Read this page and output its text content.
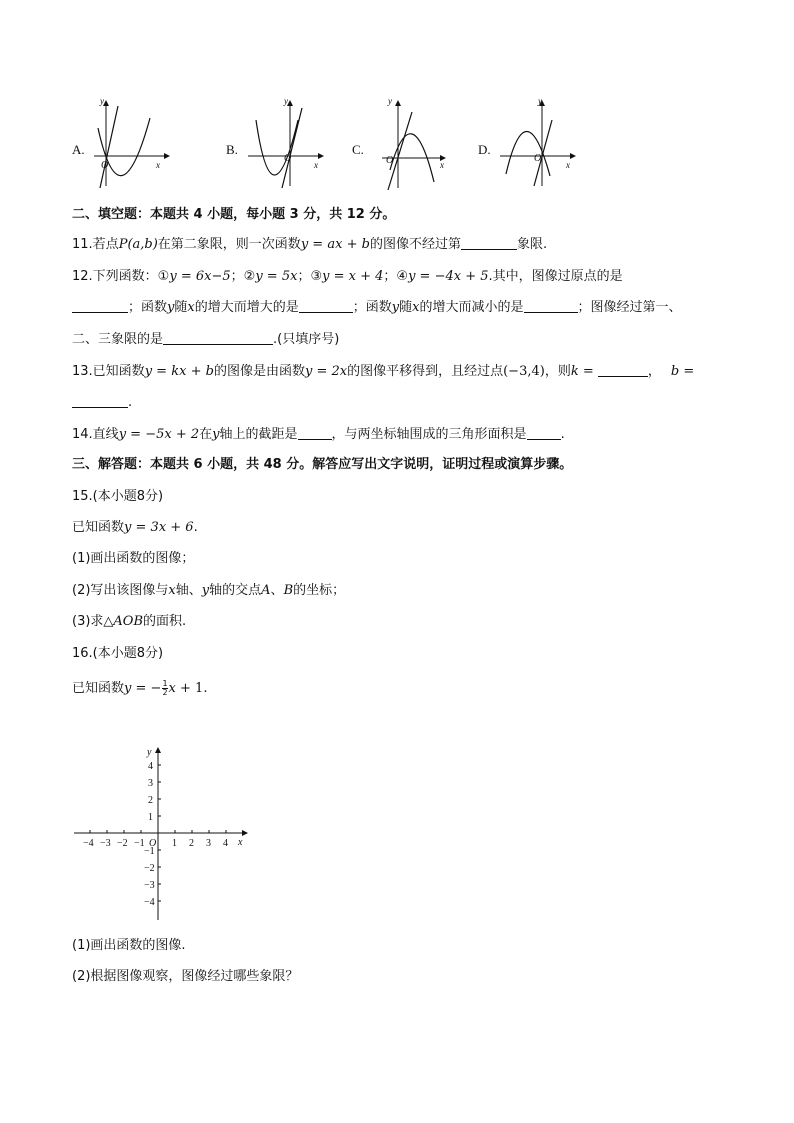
A.
x
y
O
B.
x
y
O
C.
x
y
O
D.
x
y
O
二、填空题：本题共 4 小题，每小题 3 分，共 12 分。
11.若点P(a,b)在第二象限，则一次函数y = ax + b的图像不经过第	象限.
12.下列函数：①y = 6x−5；②y = 5x；③y = x + 4；④y = −4x + 5.其中，图像过原点的是
；函数y随x的增大而增大的是	；函数y随x的增大而减小的是	；图像经过第一、
二、三象限的是	.(只填序号)
13.已知函数y = kx + b的图像是由函数y = 2x的图像平移得到，且经过点(−3,4)，则k =	， b =
.
14.直线y = −5x + 2在y轴上的截距是	，与两坐标轴围成的三角形面积是	.
三、解答题：本题共 6 小题，共 48 分。解答应写出文字说明，证明过程或演算步骤。
15.(本小题8分)
已知函数y = 3x + 6.
(1)画出函数的图像；
(2)写出该图像与x轴、y轴的交点A、B的坐标；
(3)求△AOB的面积.
16.(本小题8分)
已知函数y = − $\frac{1}{2}$ x + 1.
−4 −3 −2 −1	1 2 3 4
4
3
2
1
−1
−2
−3
−4
O	x
y
(1)画出函数的图像.
(2)根据图像观察，图像经过哪些象限？
